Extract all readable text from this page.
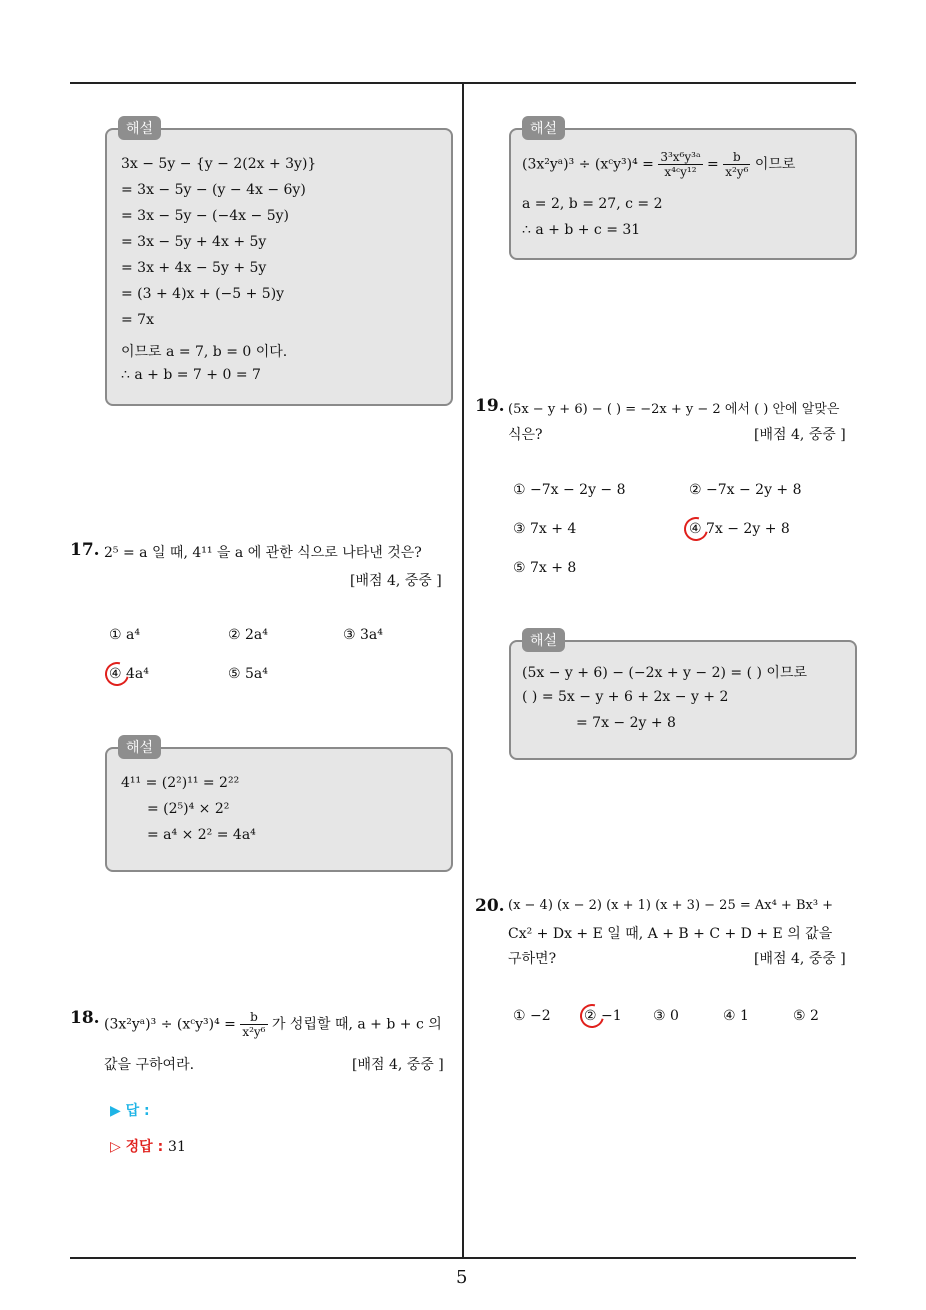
5
해설
3x − 5y − {y − 2(2x + 3y)}
= 3x − 5y − (y − 4x − 6y)
= 3x − 5y − (−4x − 5y)
= 3x − 5y + 4x + 5y
= 3x + 4x − 5y + 5y
= (3 + 4)x + (−5 + 5)y
= 7x
이므로 a = 7, b = 0 이다.
∴ a + b = 7 + 0 = 7
17. 2⁵ = a 일 때, 4¹¹ 을 a 에 관한 식으로 나타낸 것은?
[배점 4, 중중 ]
① a⁴	② 2a⁴	③ 3a⁴
④ 4a⁴	⑤ 5a⁴
해설
4¹¹ = (2²)¹¹ = 2²²
= (2⁵)⁴ × 2²
= a⁴ × 2² = 4a⁴
18. (3x²yᵃ)³ ÷ (xᶜy³)⁴ = $\frac{b}{\text{x²y⁶}}$ 가 성립할 때, a + b + c 의
값을 구하여라.	[배점 4, 중중 ]
▶ 답 :
▷ 정답 : 31
해설
(3x²yᵃ)³ ÷ (xᶜy³)⁴ = $\frac{\text{3³x⁶y³ᵃ}}{\text{x⁴ᶜy¹²}} = \frac{b}{\text{x²y⁶}}$ 이므로
a = 2, b = 27, c = 2
∴ a + b + c = 31
19. (5x − y + 6) − ( ) = −2x + y − 2 에서 ( ) 안에 알맞은
식은?	[배점 4, 중중 ]
① −7x − 2y − 8	② −7x − 2y + 8
③ 7x + 4	④ 7x − 2y + 8
⑤ 7x + 8
해설
(5x − y + 6) − (−2x + y − 2) = ( ) 이므로
( ) = 5x − y + 6 + 2x − y + 2
= 7x − 2y + 8
20. (x − 4) (x − 2) (x + 1) (x + 3) − 25 = Ax⁴ + Bx³ +
Cx² + Dx + E 일 때, A + B + C + D + E 의 값을
구하면?	[배점 4, 중중 ]
① −2 ② −1 ③ 0	④ 1	⑤ 2
